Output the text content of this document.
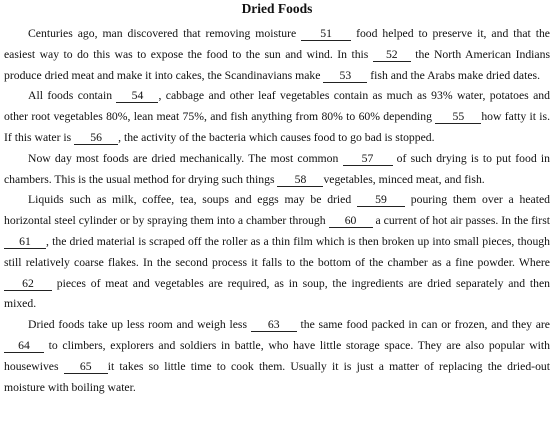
Dried Foods

Centuries ago, man discovered that removing moisture 51 food helped to preserve it, and that the easiest way to do this was to expose the food to the sun and wind. In this 52 the North American Indians produce dried meat and make it into cakes, the Scandinavians make 53 fish and the Arabs make dried dates.

All foods contain 54 , cabbage and other leaf vegetables contain as much as 93% water, potatoes and other root vegetables 80%, lean meat 75%, and fish anything from 80% to 60% depending 55 how fatty it is. If this water is 56 , the activity of the bacteria which causes food to go bad is stopped.

Now day most foods are dried mechanically. The most common 57 of such drying is to put food in chambers. This is the usual method for drying such things 58 vegetables, minced meat, and fish.

Liquids such as milk, coffee, tea, soups and eggs may be dried 59 pouring them over a heated horizontal steel cylinder or by spraying them into a chamber through 60 a current of hot air passes. In the first 61 , the dried material is scraped off the roller as a thin film which is then broken up into small pieces, though still relatively coarse flakes. In the second process it falls to the bottom of the chamber as a fine powder. Where 62 pieces of meat and vegetables are required, as in soup, the ingredients are dried separately and then mixed.

Dried foods take up less room and weigh less 63 the same food packed in can or frozen, and they are 64 to climbers, explorers and soldiers in battle, who have little storage space. They are also popular with housewives 65 it takes so little time to cook them. Usually it is just a matter of replacing the dried-out moisture with boiling water.
